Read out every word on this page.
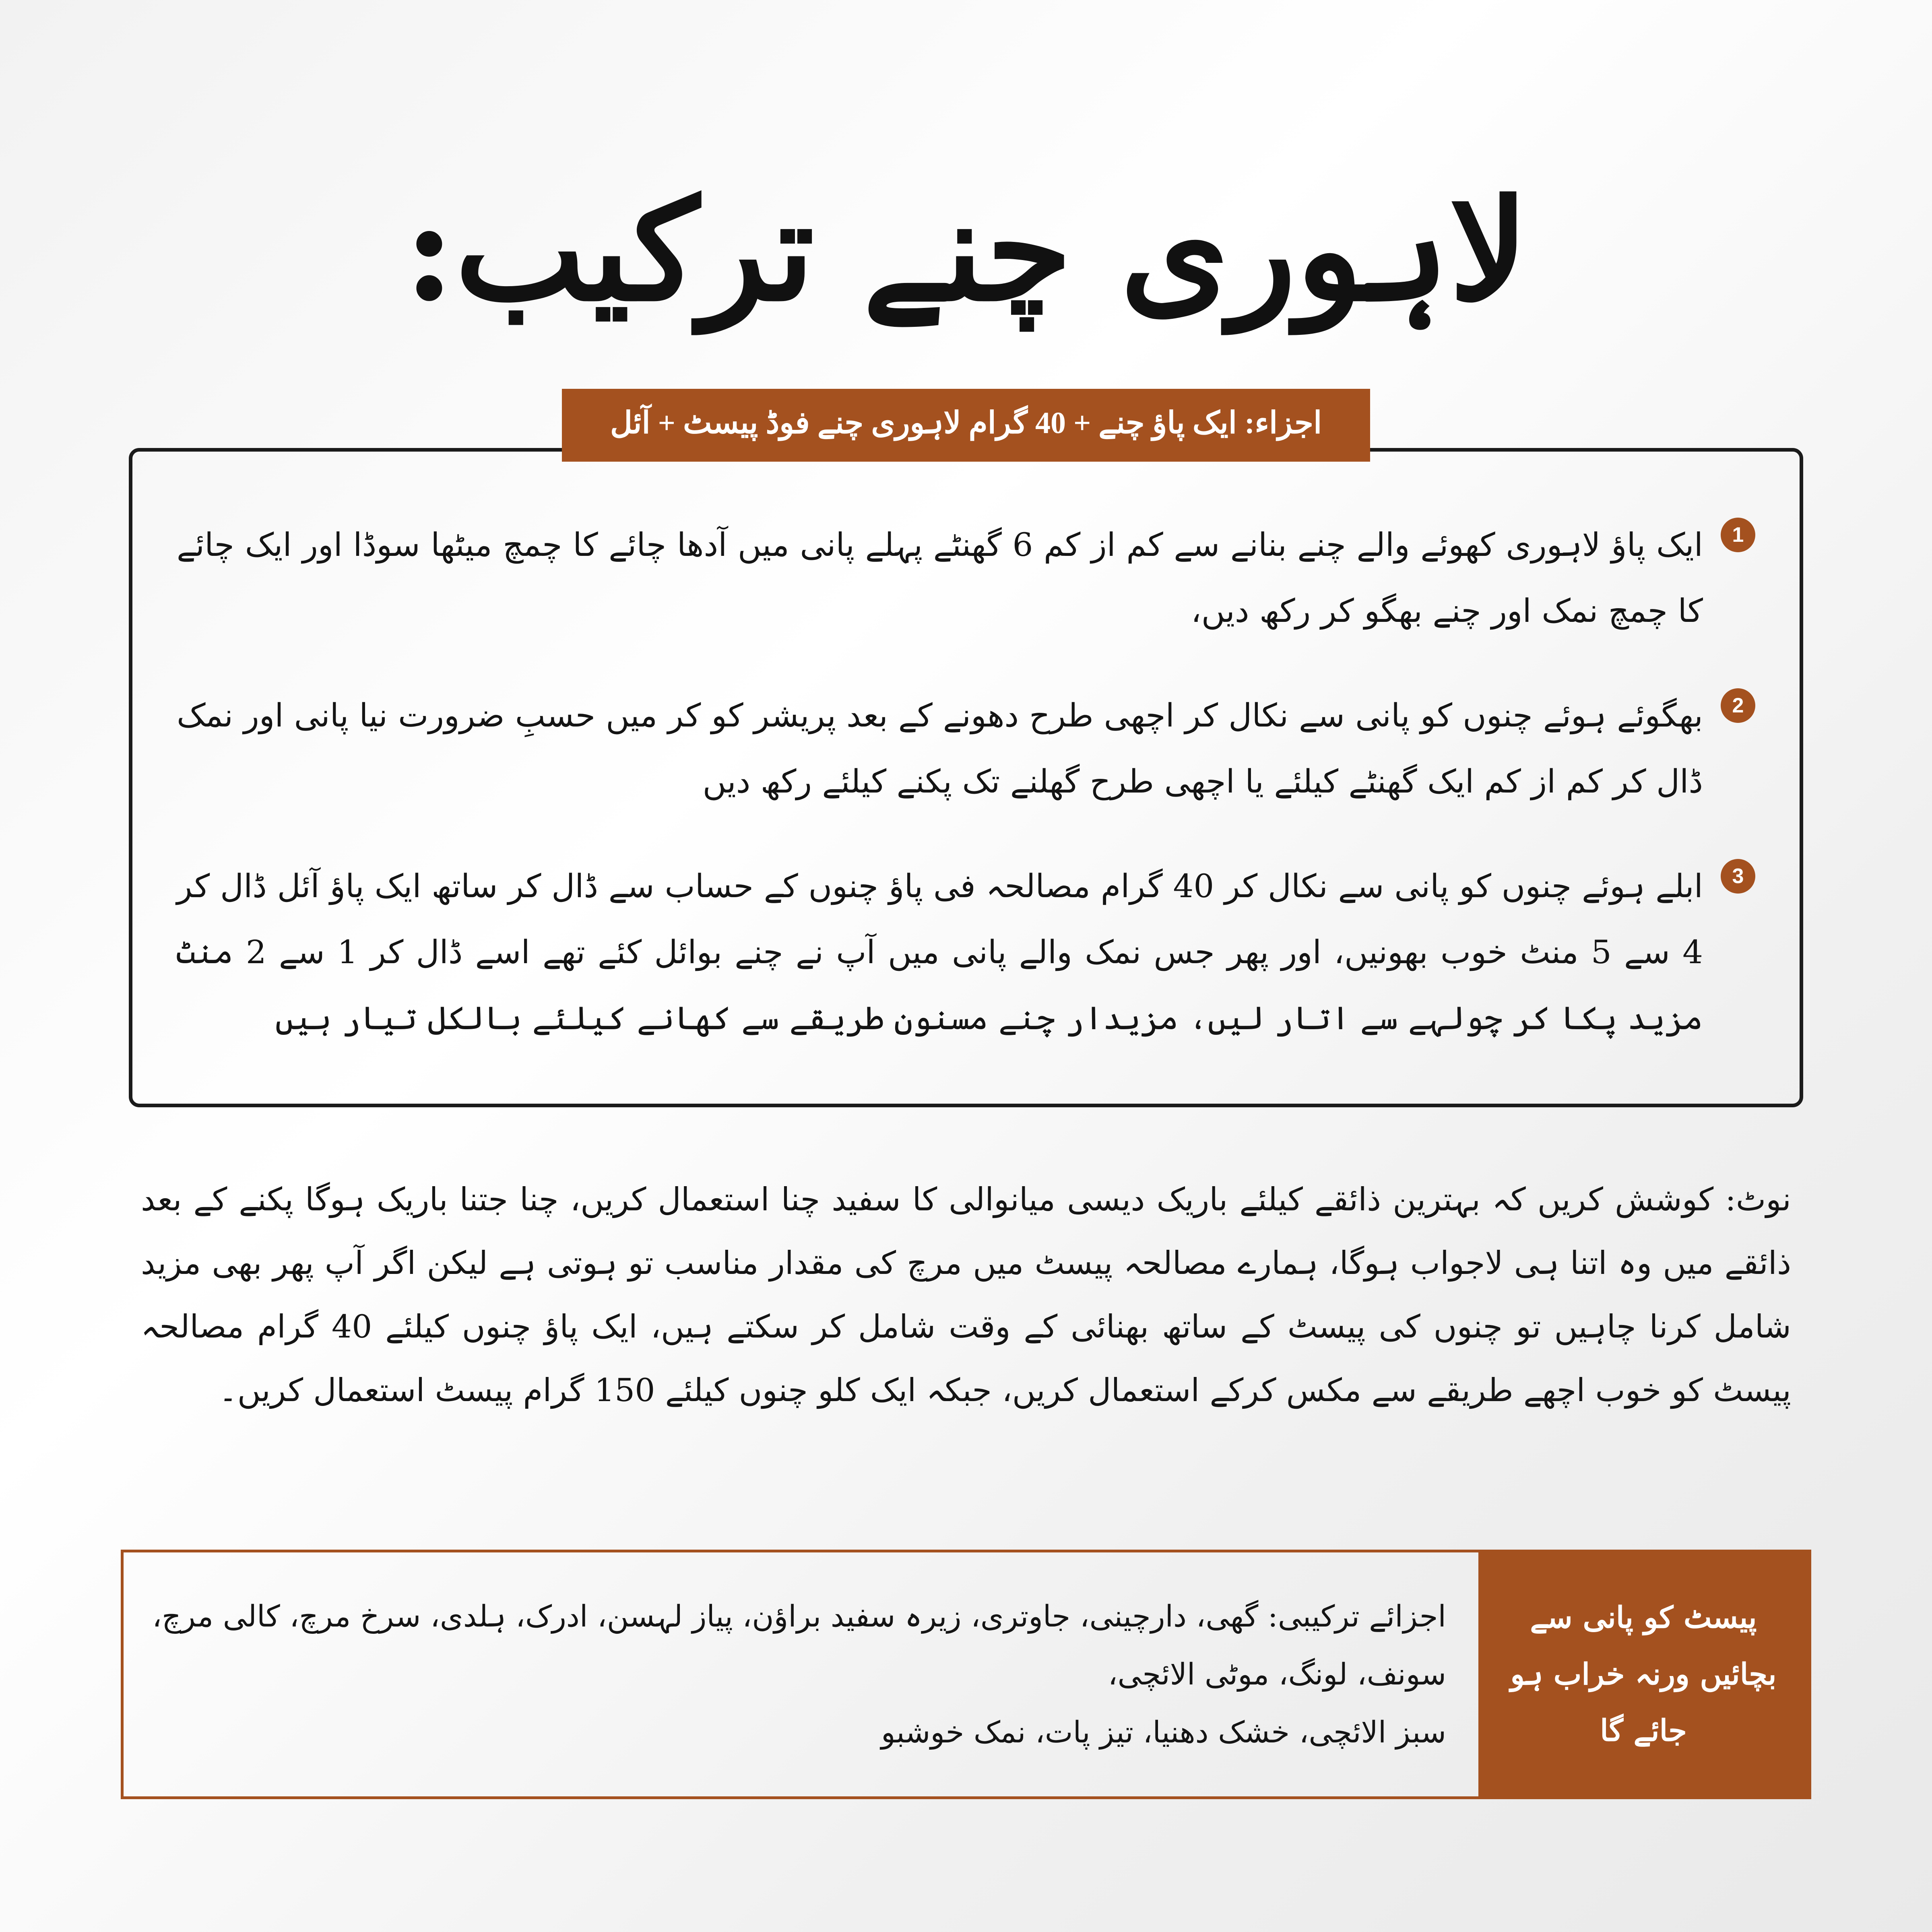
لاہوری چنے ترکیب:
اجزاء: ایک پاؤ چنے + 40 گرام لاہوری چنے فوڈ پیسٹ + آئل
1
ایک پاؤ لاہوری کھوئے والے چنے بنانے سے کم از کم 6 گھنٹے پہلے پانی میں آدھا چائے کا چمچ میٹھا سوڈا اور ایک چائے کا چمچ نمک اور چنے بھگو کر رکھ دیں،
2
بھگوئے ہوئے چنوں کو پانی سے نکال کر اچھی طرح دھونے کے بعد پریشر کو کر میں حسبِ ضرورت نیا پانی اور نمک ڈال کر کم از کم ایک گھنٹے کیلئے یا اچھی طرح گھلنے تک پکنے کیلئے رکھ دیں
3
ابلے ہوئے چنوں کو پانی سے نکال کر 40 گرام مصالحہ فی پاؤ چنوں کے حساب سے ڈال کر ساتھ ایک پاؤ آئل ڈال کر 4 سے 5 منٹ خوب بھونیں، اور پھر جس نمک والے پانی میں آپ نے چنے بوائل کئے تھے اسے ڈال کر 1 سے 2 منٹ مزید پکا کر چولہے سے اتار لیں، مزیدار چنے مسنون طریقے سے کھانے کیلئے بالکل تیار ہیں
نوٹ: کوشش کریں کہ بہترین ذائقے کیلئے باریک دیسی میانوالی کا سفید چنا استعمال کریں، چنا جتنا باریک ہوگا پکنے کے بعد ذائقے میں وہ اتنا ہی لاجواب ہوگا، ہمارے مصالحہ پیسٹ میں مرچ کی مقدار مناسب تو ہوتی ہے لیکن اگر آپ پھر بھی مزید شامل کرنا چاہیں تو چنوں کی پیسٹ کے ساتھ بھنائی کے وقت شامل کر سکتے ہیں، ایک پاؤ چنوں کیلئے 40 گرام مصالحہ پیسٹ کو خوب اچھے طریقے سے مکس کرکے استعمال کریں، جبکہ ایک کلو چنوں کیلئے 150 گرام پیسٹ استعمال کریں۔
پیسٹ کو پانی سے بچائیں ورنہ خراب ہو جائے گا
اجزائے ترکیبی: گھی، دارچینی، جاوتری، زیرہ سفید براؤن، پیاز لہسن، ادرک، ہلدی، سرخ مرچ، کالی مرچ، سونف، لونگ، موٹی الائچی،
سبز الائچی، خشک دھنیا، تیز پات، نمک خوشبو
